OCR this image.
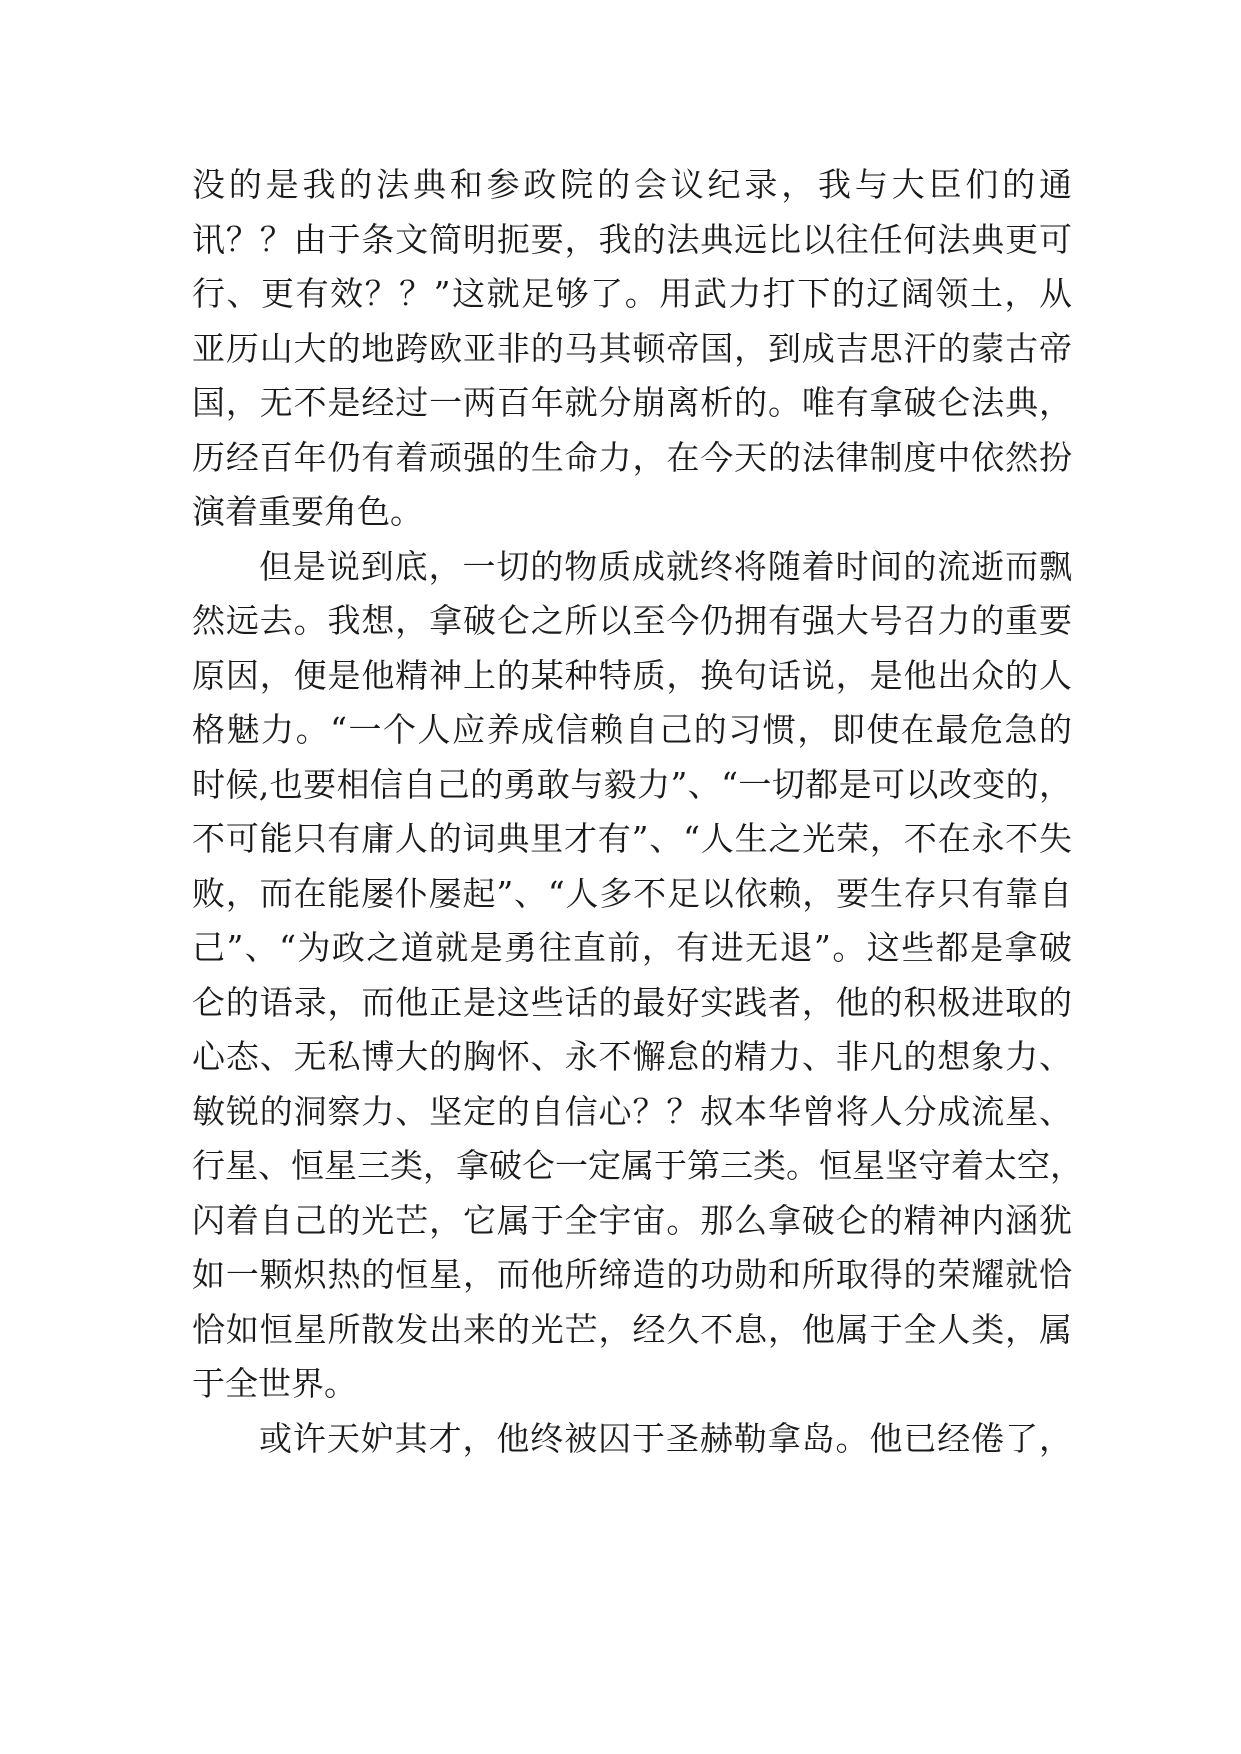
没的是我的法典和参政院的会议纪录，我与大臣们的通
讯？？由于条文简明扼要，我的法典远比以往任何法典更可
行、更有效？？”这就足够了。用武力打下的辽阔领土，从
亚历山大的地跨欧亚非的马其顿帝国，到成吉思汗的蒙古帝
国，无不是经过一两百年就分崩离析的。唯有拿破仑法典，
历经百年仍有着顽强的生命力，在今天的法律制度中依然扮
演着重要角色。
但是说到底，一切的物质成就终将随着时间的流逝而飘
然远去。我想，拿破仑之所以至今仍拥有强大号召力的重要
原因，便是他精神上的某种特质，换句话说，是他出众的人
格魅力。“一个人应养成信赖自己的习惯，即使在最危急的
时候,也要相信自己的勇敢与毅力”、“一切都是可以改变的，
不可能只有庸人的词典里才有”、“人生之光荣，不在永不失
败，而在能屡仆屡起”、“人多不足以依赖，要生存只有靠自
己”、“为政之道就是勇往直前，有进无退”。这些都是拿破
仑的语录，而他正是这些话的最好实践者，他的积极进取的
心态、无私博大的胸怀、永不懈怠的精力、非凡的想象力、
敏锐的洞察力、坚定的自信心？？叔本华曾将人分成流星、
行星、恒星三类，拿破仑一定属于第三类。恒星坚守着太空，
闪着自己的光芒，它属于全宇宙。那么拿破仑的精神内涵犹
如一颗炽热的恒星，而他所缔造的功勋和所取得的荣耀就恰
恰如恒星所散发出来的光芒，经久不息，他属于全人类，属
于全世界。
或许天妒其才，他终被囚于圣赫勒拿岛。他已经倦了，
